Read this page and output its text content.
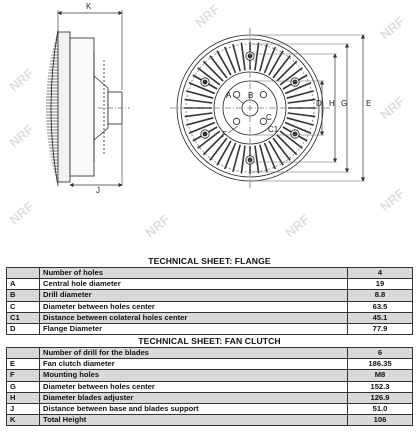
NRF
NRF
NRF
NRF	NRF
NRF
NRF
NRF
NRF
K
J
D H G E
A B
C
C1
F
TECHNICAL SHEET: FLANGE
	Number of holes	4
A	Central hole diameter	19
B	Drill diameter	8.8
C	Diameter between holes center	63.5
C1	Distance between colateral holes center	45.1
D	Flange Diameter	77.9
TECHNICAL SHEET: FAN CLUTCH
	Number of drill for the blades	6
E	Fan clutch diameter	186.35
F	Mounting holes	M8
G	Diameter between holes center	152.3
H	Diameter blades adjuster	126.9
J	Distance between base and blades support	51.0
K	Total Height	106
